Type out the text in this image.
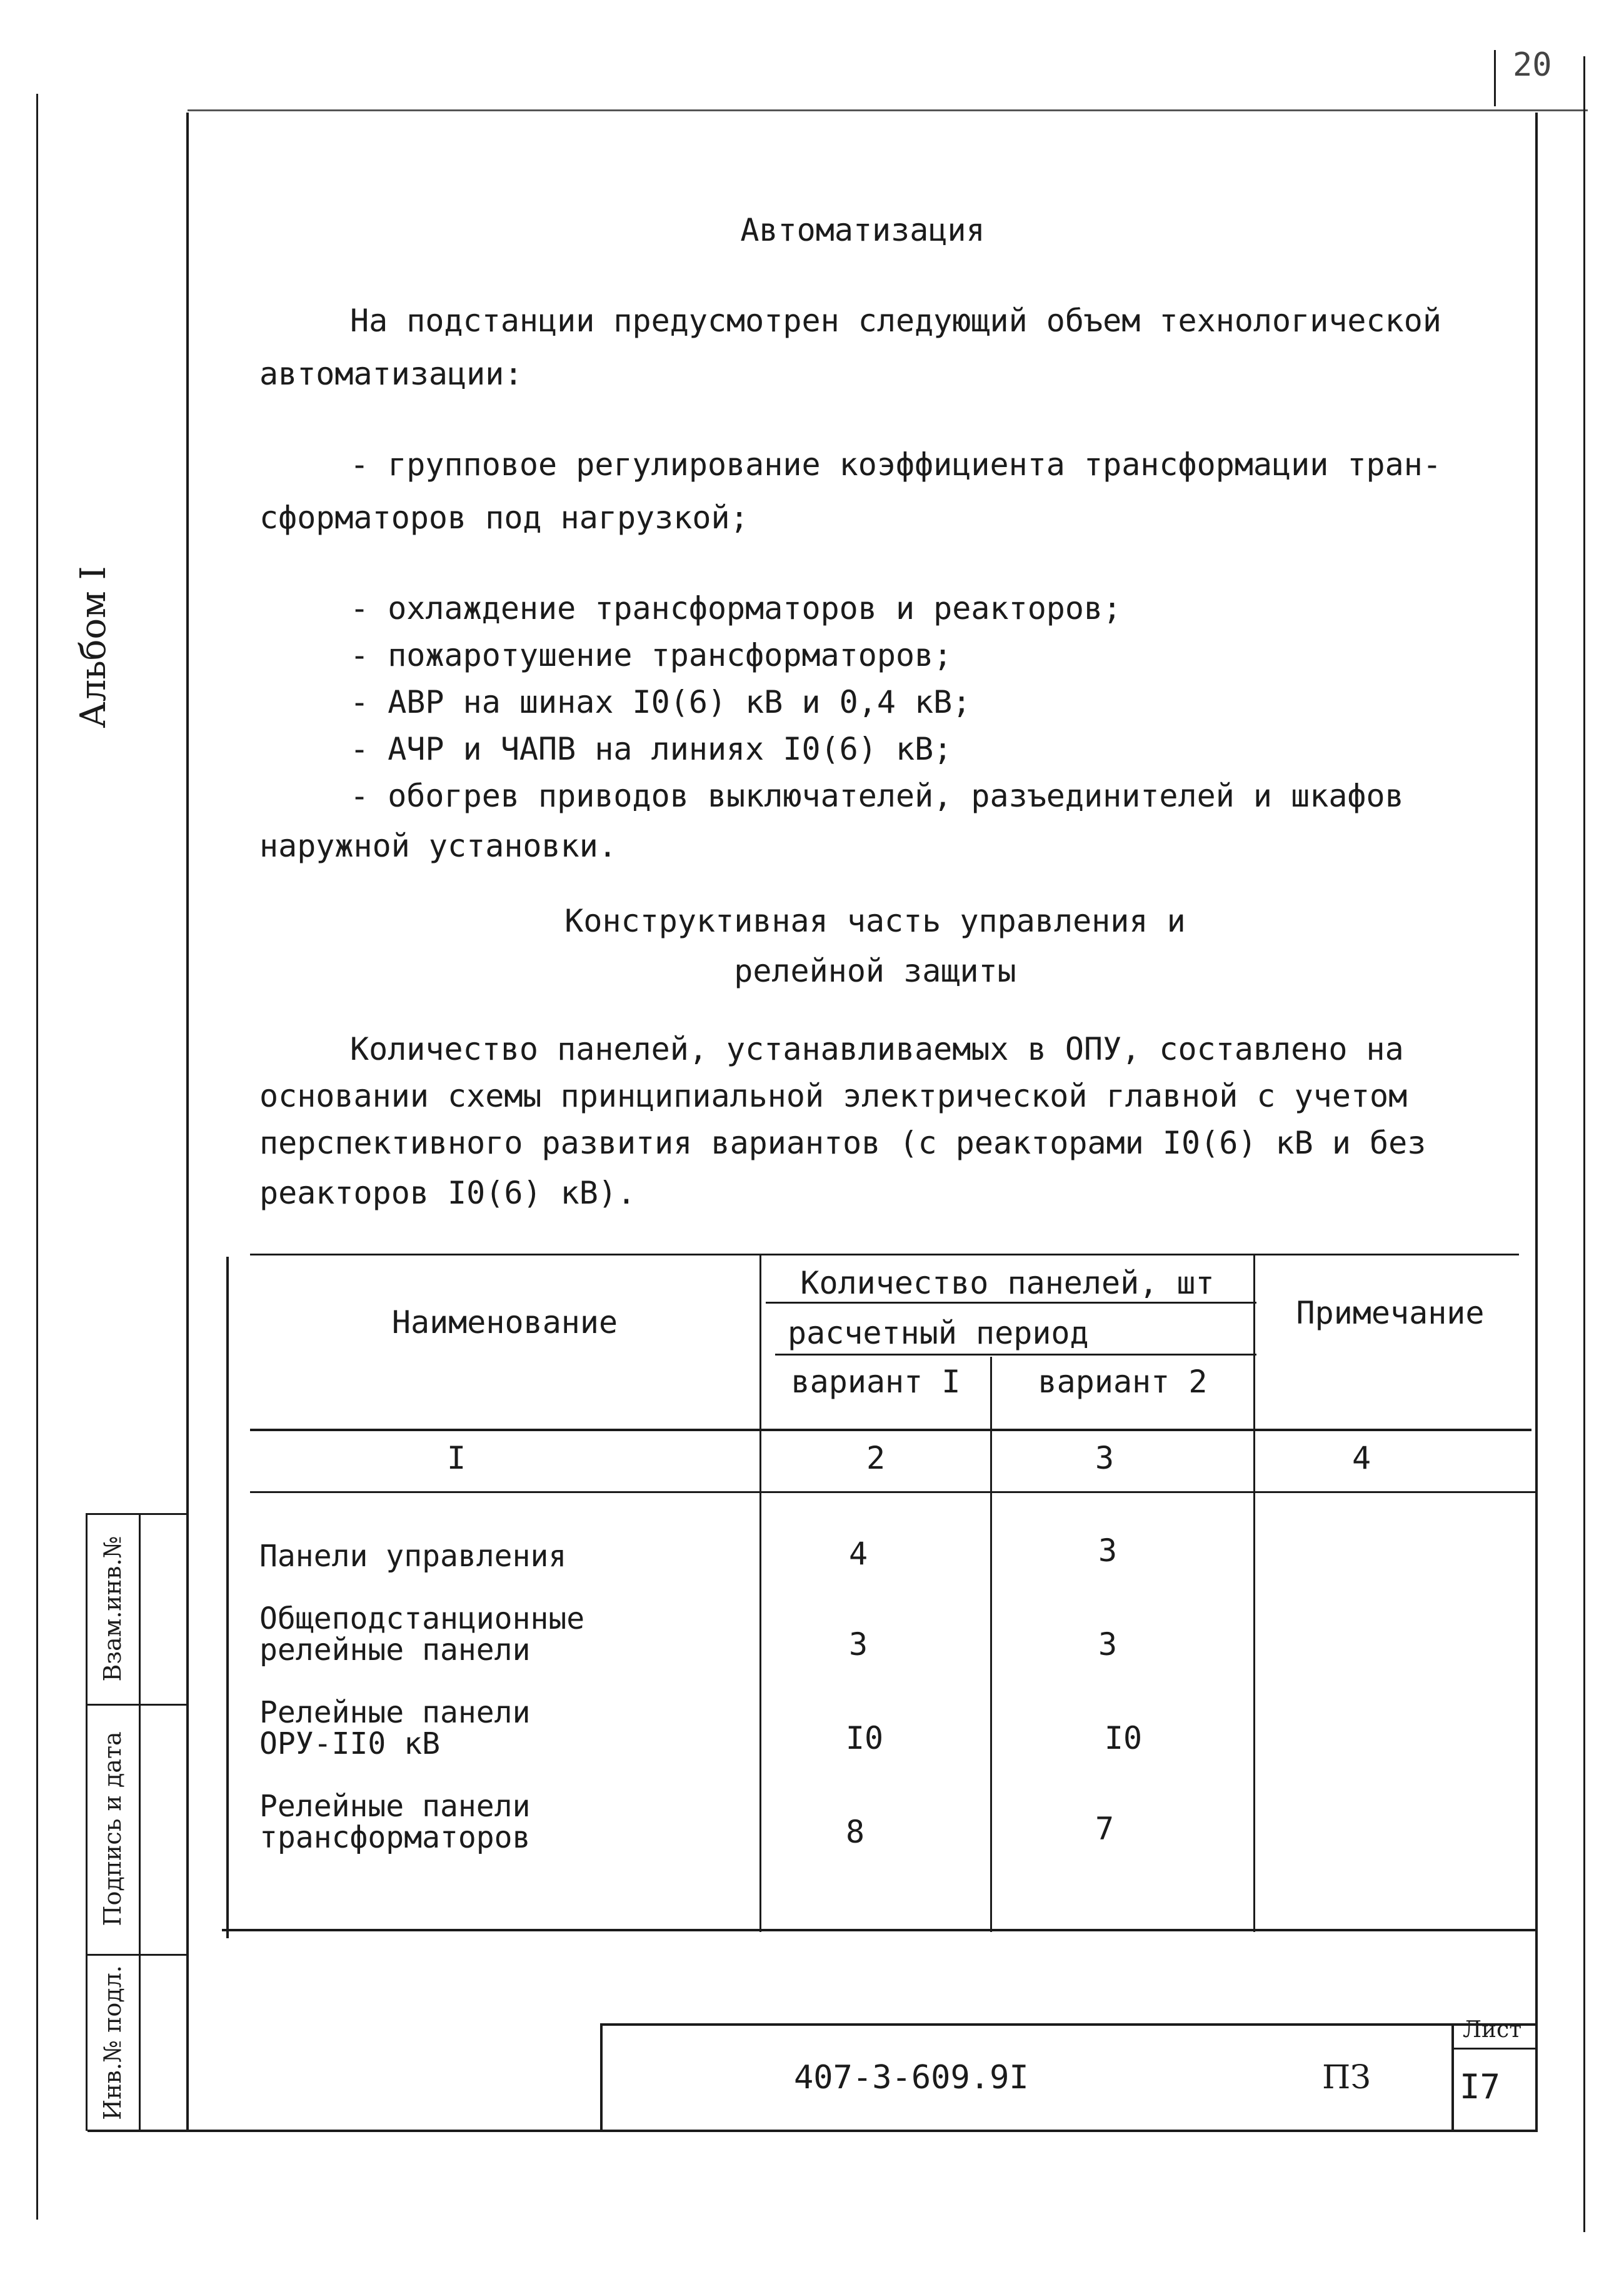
20
Альбом I
Автоматизация
На подстанции предусмотрен следующий объем технологической
автоматизации:
- групповое регулирование коэффициента трансформации тран-
сформаторов под нагрузкой;
- охлаждение трансформаторов и реакторов;
- пожаротушение трансформаторов;
- АВР на шинах I0(6) кВ и 0,4 кВ;
- АЧР и ЧАПВ на линиях I0(6) кВ;
- обогрев приводов выключателей, разъединителей и шкафов
наружной установки.
Конструктивная часть управления и
релейной защиты
Количество панелей, устанавливаемых в ОПУ, составлено на
основании схемы принципиальной электрической главной с учетом
перспективного развития вариантов (с реакторами I0(6) кВ и без
реакторов I0(6) кВ).
Наименование
Количество панелей, шт
расчетный период
вариант I	вариант 2
Примечание
I	2	3	4
Панели управления	4	3
Общеподстанционные
релейные панели	3	3
Релейные панели
ОРУ-II0 кВ	I0	I0
Релейные панели
трансформаторов	8	7
407-3-609.9I	ПЗ
Лист
I7
Взам.инв.№
Подпись и дата
Инв.№ подл.
